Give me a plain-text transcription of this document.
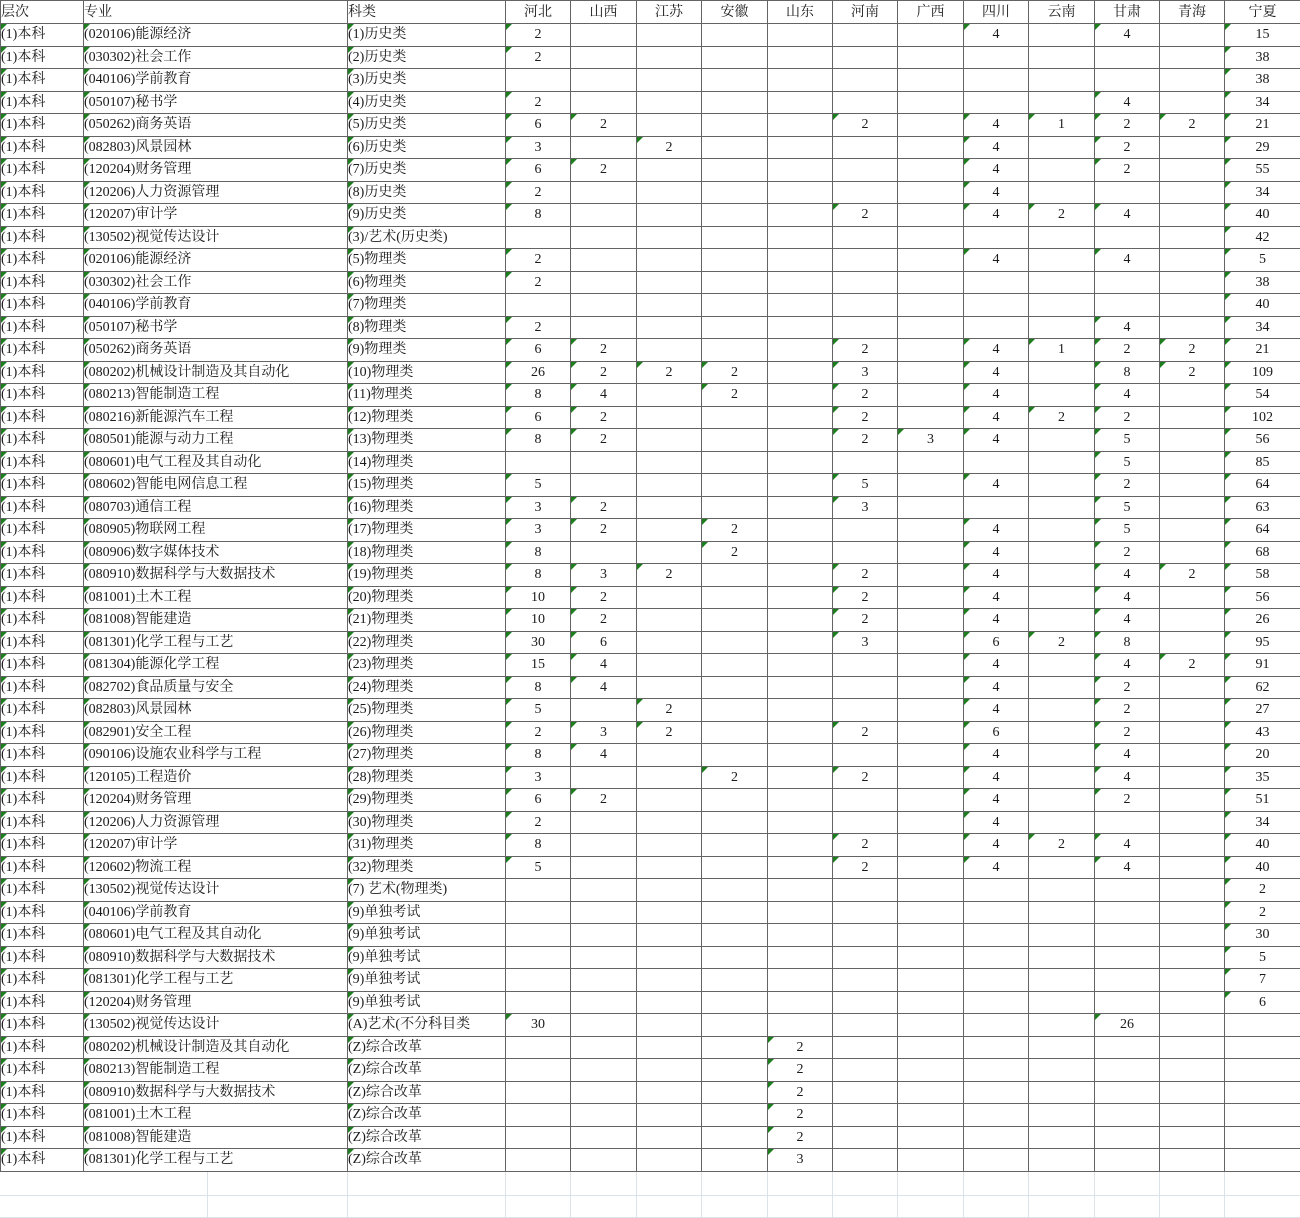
层次	专业	科类	河北	山西	江苏	安徽	山东	河南	广西	四川	云南	甘肃	青海	宁夏
(1)本科	(020106)能源经济	(1)历史类	2							4		4		15
(1)本科	(030302)社会工作	(2)历史类	2											38
(1)本科	(040106)学前教育	(3)历史类												38
(1)本科	(050107)秘书学	(4)历史类	2									4		34
(1)本科	(050262)商务英语	(5)历史类	6	2				2		4	1	2	2	21
(1)本科	(082803)风景园林	(6)历史类	3		2					4		2		29
(1)本科	(120204)财务管理	(7)历史类	6	2						4		2		55
(1)本科	(120206)人力资源管理	(8)历史类	2							4				34
(1)本科	(120207)审计学	(9)历史类	8					2		4	2	4		40
(1)本科	(130502)视觉传达设计	(3)/艺术(历史类)												42
(1)本科	(020106)能源经济	(5)物理类	2							4		4		5
(1)本科	(030302)社会工作	(6)物理类	2											38
(1)本科	(040106)学前教育	(7)物理类												40
(1)本科	(050107)秘书学	(8)物理类	2									4		34
(1)本科	(050262)商务英语	(9)物理类	6	2				2		4	1	2	2	21
(1)本科	(080202)机械设计制造及其自动化	(10)物理类	26	2	2	2		3		4		8	2	109
(1)本科	(080213)智能制造工程	(11)物理类	8	4		2		2		4		4		54
(1)本科	(080216)新能源汽车工程	(12)物理类	6	2				2		4	2	2		102
(1)本科	(080501)能源与动力工程	(13)物理类	8	2				2	3	4		5		56
(1)本科	(080601)电气工程及其自动化	(14)物理类										5		85
(1)本科	(080602)智能电网信息工程	(15)物理类	5					5		4		2		64
(1)本科	(080703)通信工程	(16)物理类	3	2				3				5		63
(1)本科	(080905)物联网工程	(17)物理类	3	2		2				4		5		64
(1)本科	(080906)数字媒体技术	(18)物理类	8			2				4		2		68
(1)本科	(080910)数据科学与大数据技术	(19)物理类	8	3	2			2		4		4	2	58
(1)本科	(081001)土木工程	(20)物理类	10	2				2		4		4		56
(1)本科	(081008)智能建造	(21)物理类	10	2				2		4		4		26
(1)本科	(081301)化学工程与工艺	(22)物理类	30	6				3		6	2	8		95
(1)本科	(081304)能源化学工程	(23)物理类	15	4						4		4	2	91
(1)本科	(082702)食品质量与安全	(24)物理类	8	4						4		2		62
(1)本科	(082803)风景园林	(25)物理类	5		2					4		2		27
(1)本科	(082901)安全工程	(26)物理类	2	3	2			2		6		2		43
(1)本科	(090106)设施农业科学与工程	(27)物理类	8	4						4		4		20
(1)本科	(120105)工程造价	(28)物理类	3			2		2		4		4		35
(1)本科	(120204)财务管理	(29)物理类	6	2						4		2		51
(1)本科	(120206)人力资源管理	(30)物理类	2							4				34
(1)本科	(120207)审计学	(31)物理类	8					2		4	2	4		40
(1)本科	(120602)物流工程	(32)物理类	5					2		4		4		40
(1)本科	(130502)视觉传达设计	(7) 艺术(物理类)												2
(1)本科	(040106)学前教育	(9)单独考试												2
(1)本科	(080601)电气工程及其自动化	(9)单独考试												30
(1)本科	(080910)数据科学与大数据技术	(9)单独考试												5
(1)本科	(081301)化学工程与工艺	(9)单独考试												7
(1)本科	(120204)财务管理	(9)单独考试												6
(1)本科	(130502)视觉传达设计	(A)艺术(不分科目类	30									26		
(1)本科	(080202)机械设计制造及其自动化	(Z)综合改革					2							
(1)本科	(080213)智能制造工程	(Z)综合改革					2							
(1)本科	(080910)数据科学与大数据技术	(Z)综合改革					2							
(1)本科	(081001)土木工程	(Z)综合改革					2							
(1)本科	(081008)智能建造	(Z)综合改革					2							
(1)本科	(081301)化学工程与工艺	(Z)综合改革					3							
